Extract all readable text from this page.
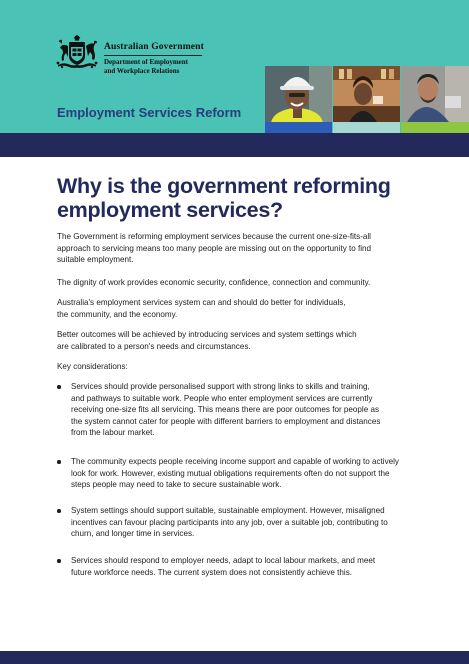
Australian Government
Department of Employment
and Workplace Relations
Employment Services Reform
Why is the government reforming
employment services?

The Government is reforming employment services because the current one-size-fits-all
approach to servicing means too many people are missing out on the opportunity to find
suitable employment.

The dignity of work provides economic security, confidence, connection and community.

Australia's employment services system can and should do better for individuals,
the community, and the economy.

Better outcomes will be achieved by introducing services and system settings which
are calibrated to a person's needs and circumstances.

Key considerations:

Services should provide personalised support with strong links to skills and training,
and pathways to suitable work. People who enter employment services are currently
receiving one-size fits all servicing. This means there are poor outcomes for people as
the system cannot cater for people with different barriers to employment and distances
from the labour market.
The community expects people receiving income support and capable of working to actively
look for work. However, existing mutual obligations requirements often do not support the
steps people may need to take to secure sustainable work.
System settings should support suitable, sustainable employment. However, misaligned
incentives can favour placing participants into any job, over a suitable job, contributing to
churn, and longer time in services.
Services should respond to employer needs, adapt to local labour markets, and meet
future workforce needs. The current system does not consistently achieve this.
